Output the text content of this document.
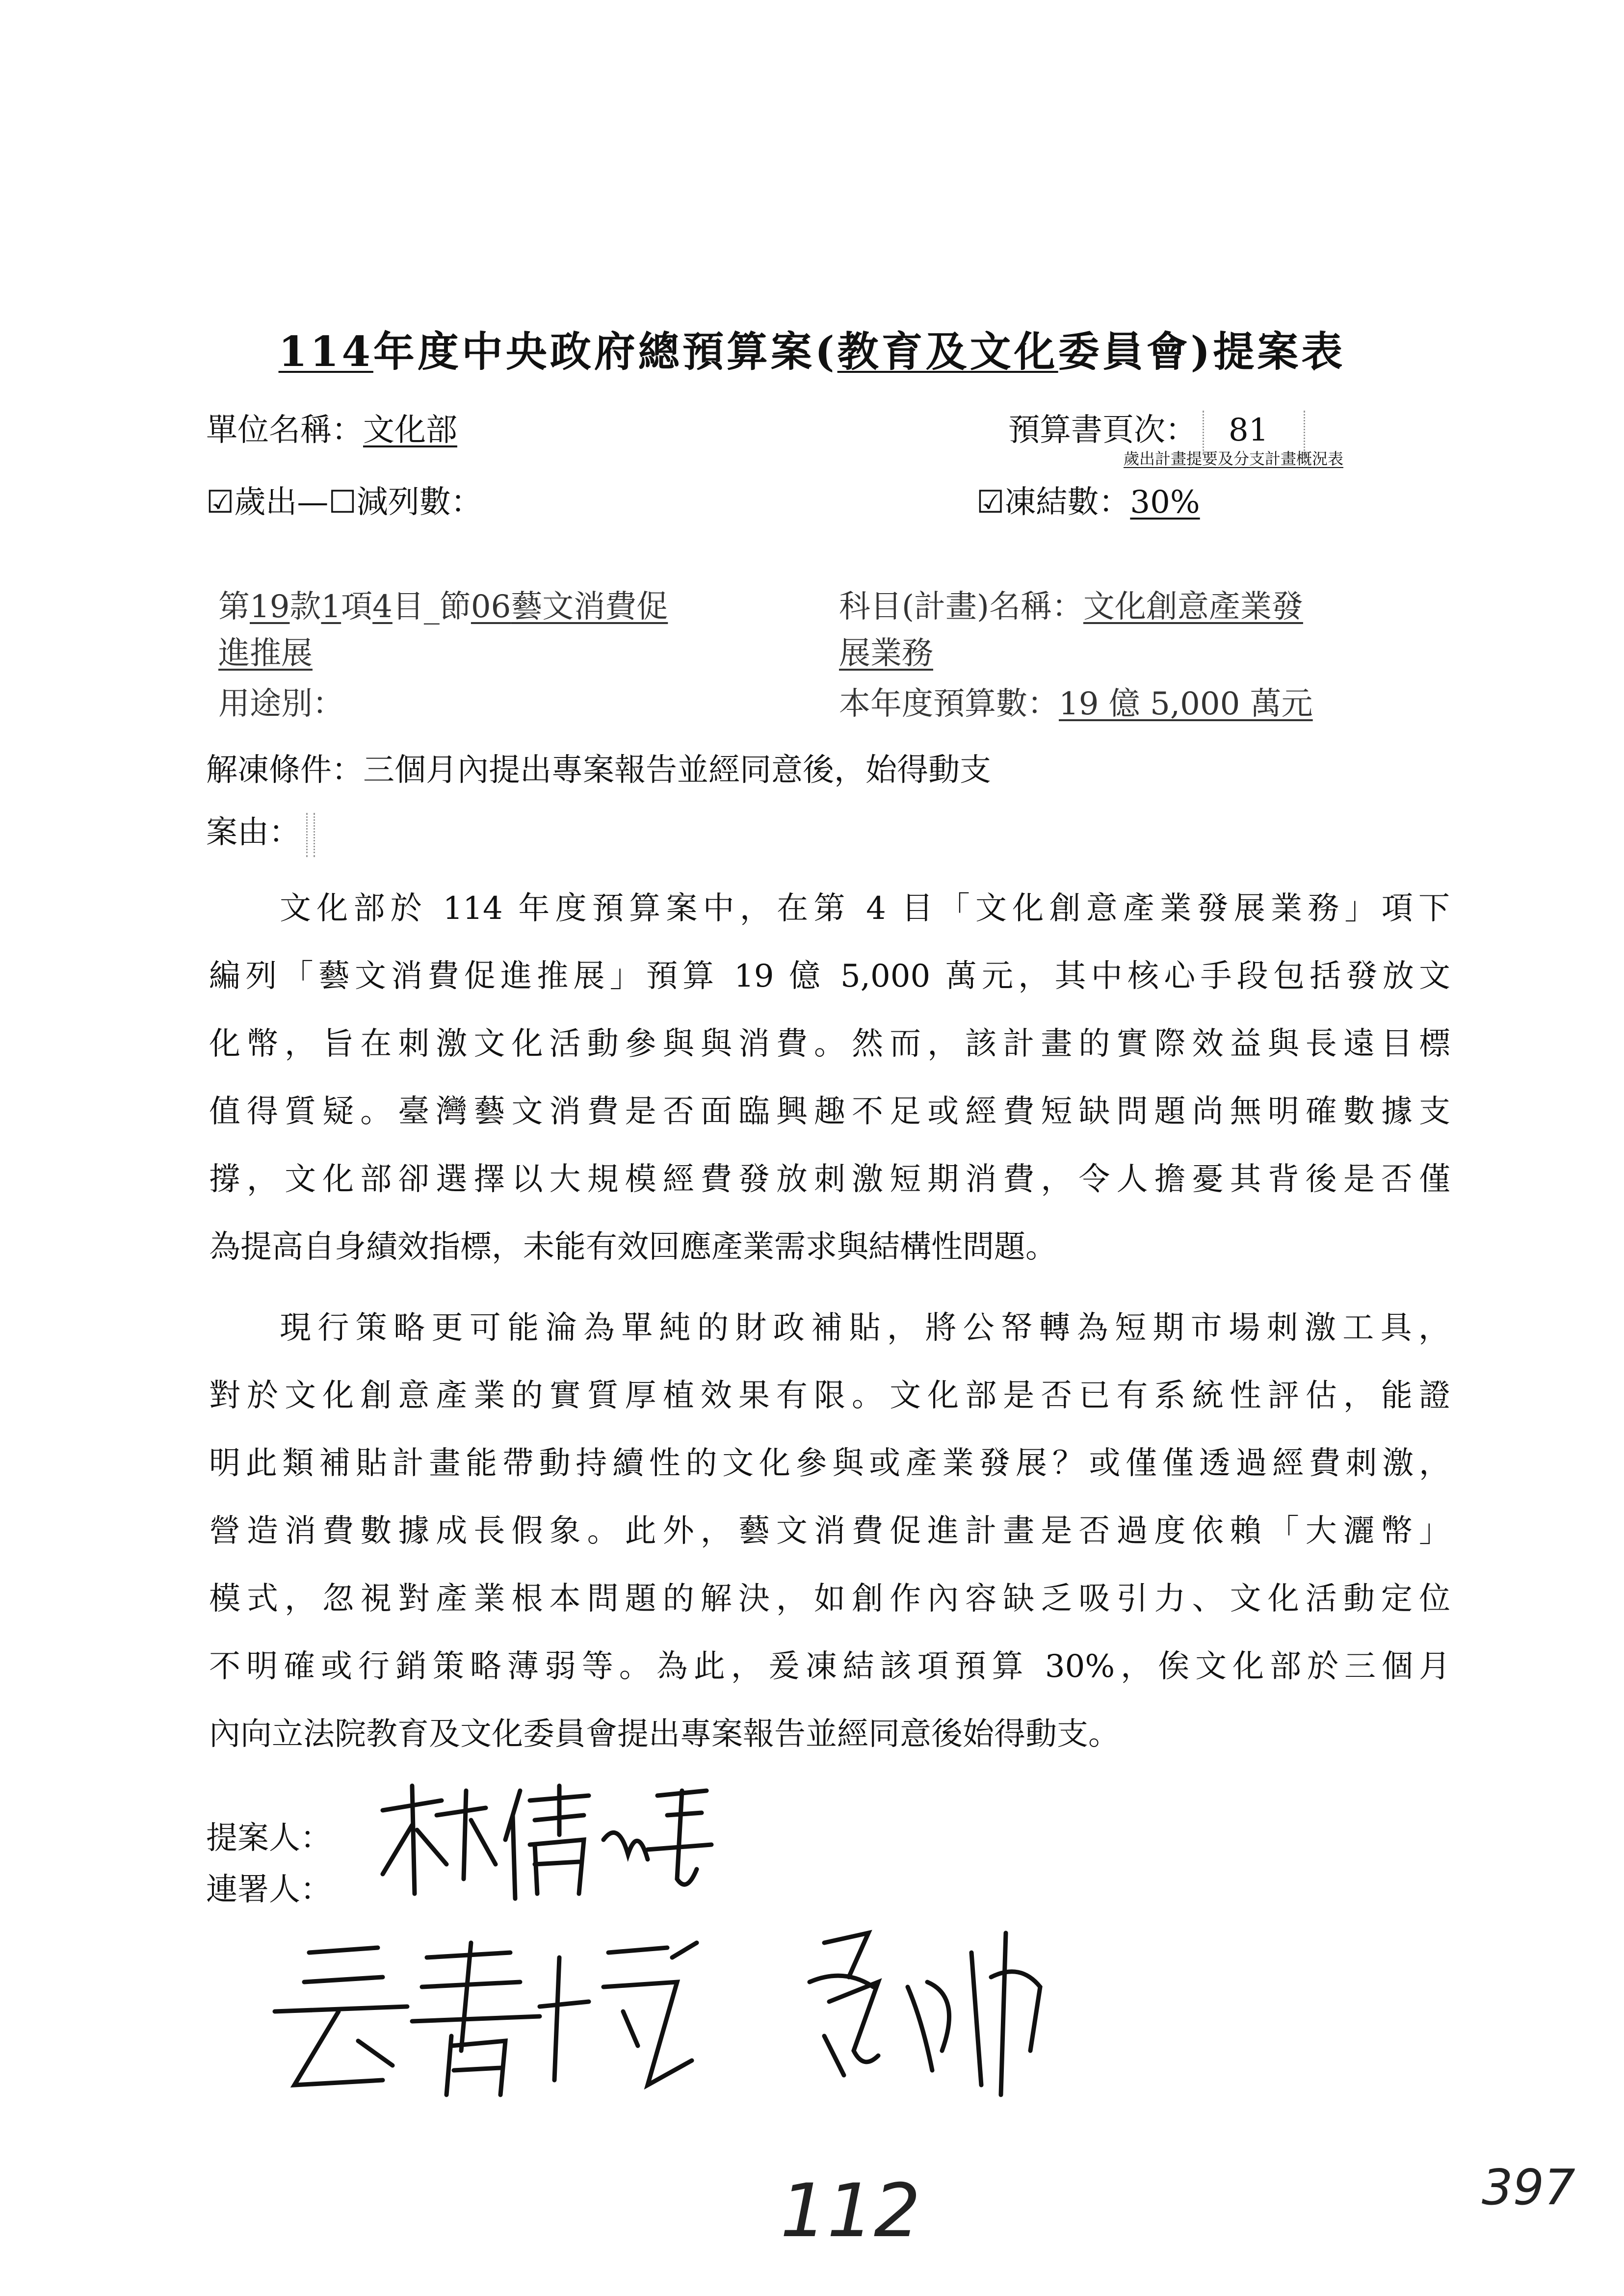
114年度中央政府總預算案(教育及文化委員會)提案表
單位名稱：文化部	預算書頁次： 81
歲出計畫提要及分支計畫概況表
☑歲出—☐減列數：	☑凍結數：30%
第19款1項4目_節06藝文消費促
進推展
科目(計畫)名稱：文化創意產業發
展業務
用途別：	本年度預算數：19 億 5,000 萬元
解凍條件：三個月內提出專案報告並經同意後，始得動支
案由：
文化部於 114 年度預算案中，在第 4 目「文化創意產業發展業務」項下
編列「藝文消費促進推展」預算 19 億 5,000 萬元，其中核心手段包括發放文
化幣，旨在刺激文化活動參與與消費。然而，該計畫的實際效益與長遠目標
值得質疑。臺灣藝文消費是否面臨興趣不足或經費短缺問題尚無明確數據支
撐，文化部卻選擇以大規模經費發放刺激短期消費，令人擔憂其背後是否僅
為提高自身績效指標，未能有效回應產業需求與結構性問題。
現行策略更可能淪為單純的財政補貼，將公帑轉為短期市場刺激工具，
對於文化創意產業的實質厚植效果有限。文化部是否已有系統性評估，能證
明此類補貼計畫能帶動持續性的文化參與或產業發展？或僅僅透過經費刺激，
營造消費數據成長假象。此外，藝文消費促進計畫是否過度依賴「大灑幣」
模式，忽視對產業根本問題的解決，如創作內容缺乏吸引力、文化活動定位
不明確或行銷策略薄弱等。為此，爰凍結該項預算 30%，俟文化部於三個月
內向立法院教育及文化委員會提出專案報告並經同意後始得動支。
提案人：
連署人：
112	397
